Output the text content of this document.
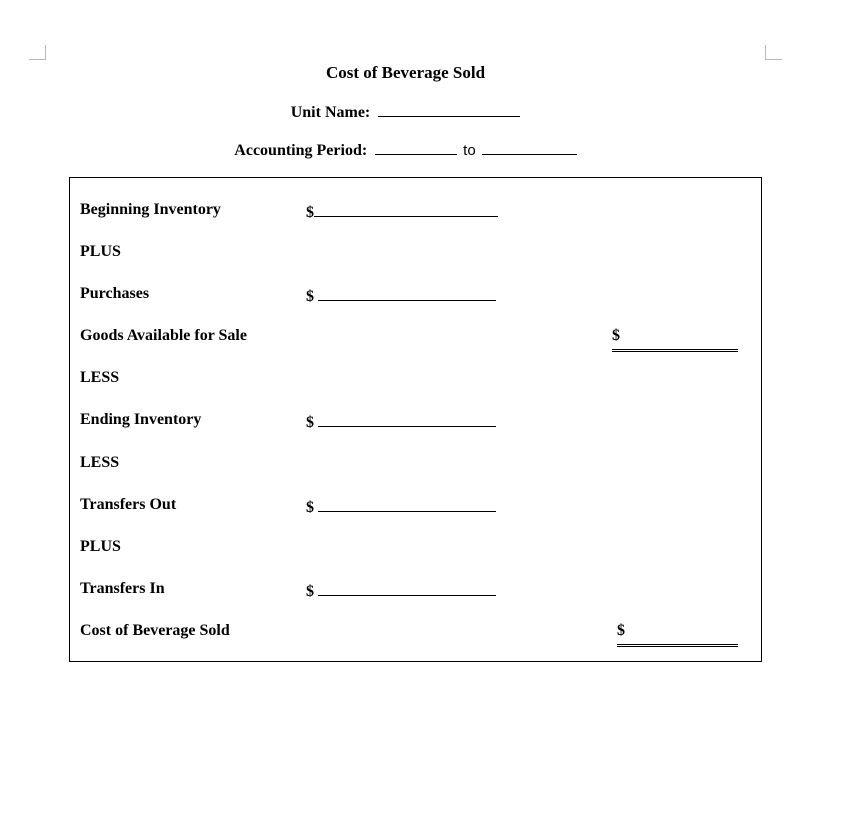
Cost of Beverage Sold
Unit Name:
Accounting Period:	to
Beginning Inventory	$
PLUS
Purchases	$
Goods Available for Sale	$
LESS
Ending Inventory	$
LESS
Transfers Out	$
PLUS
Transfers In	$
Cost of Beverage Sold	$
